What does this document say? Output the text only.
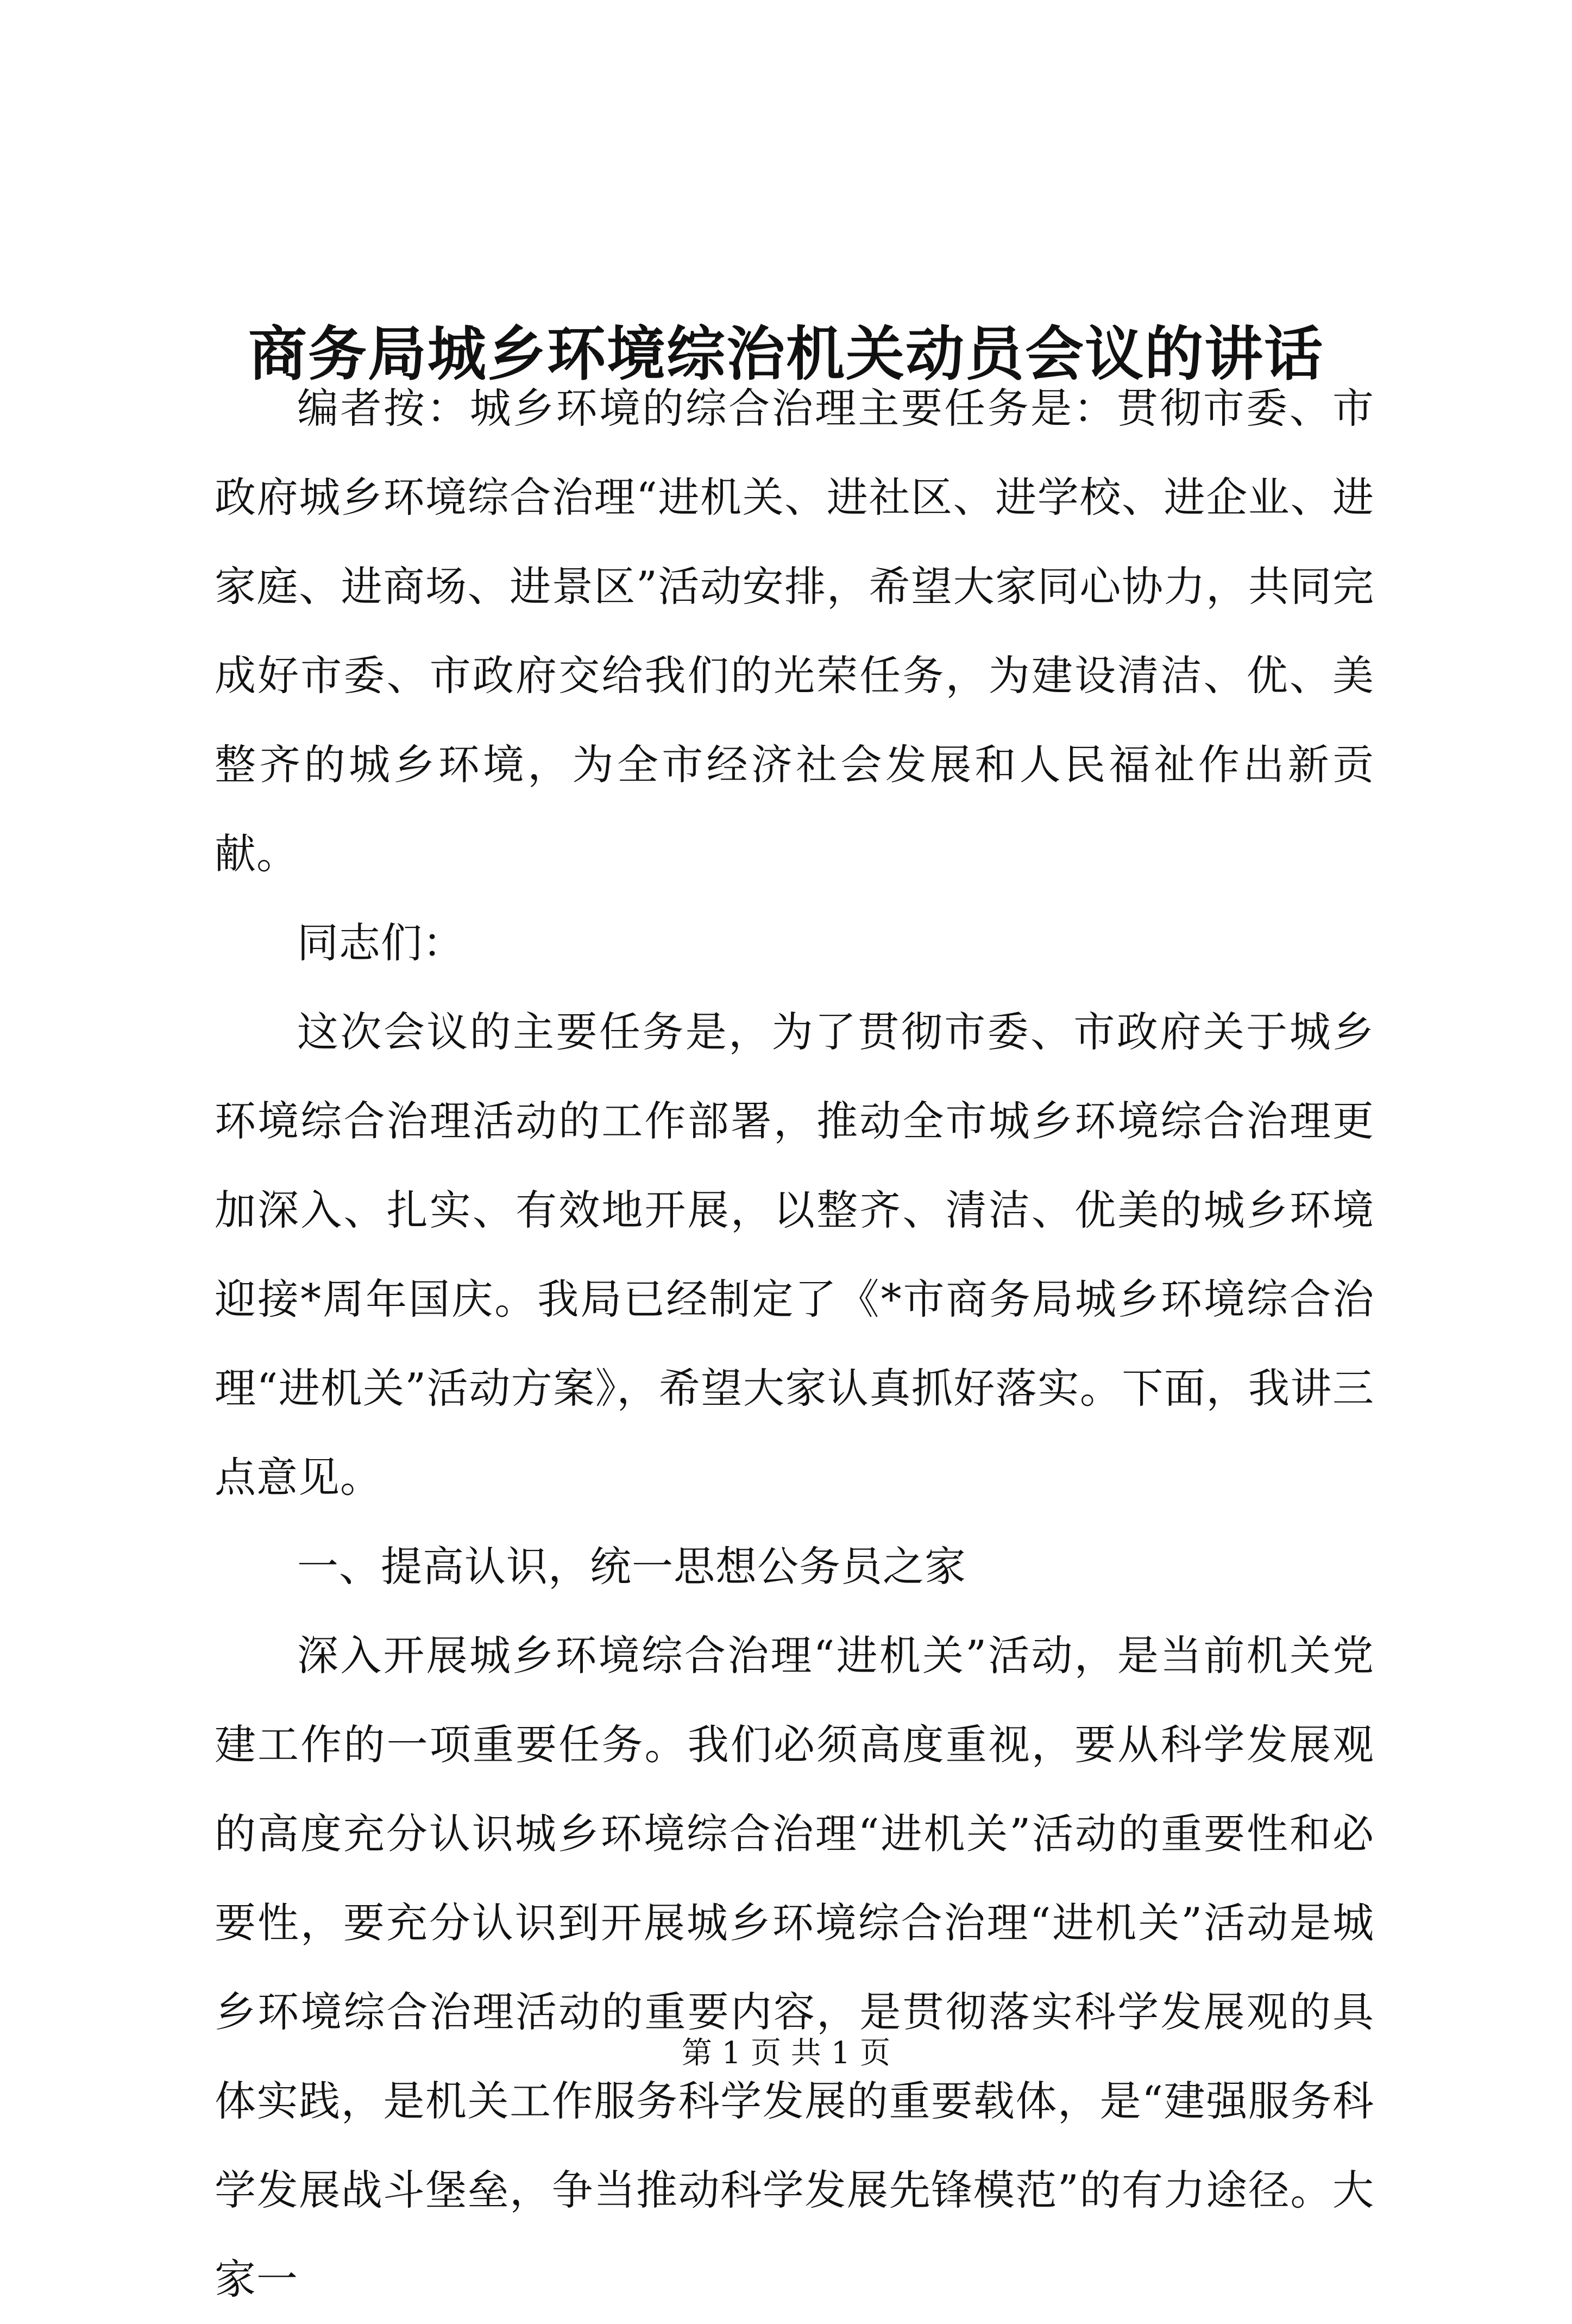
商务局城乡环境综治机关动员会议的讲话

编者按：城乡环境的综合治理主要任务是：贯彻市委、市政府城乡环境综合治理“进机关、进社区、进学校、进企业、进家庭、进商场、进景区”活动安排，希望大家同心协力，共同完成好市委、市政府交给我们的光荣任务，为建设清洁、优、美整齐的城乡环境，为全市经济社会发展和人民福祉作出新贡献。

同志们：

这次会议的主要任务是，为了贯彻市委、市政府关于城乡环境综合治理活动的工作部署，推动全市城乡环境综合治理更加深入、扎实、有效地开展，以整齐、清洁、优美的城乡环境迎接*周年国庆。我局已经制定了《*市商务局城乡环境综合治理“进机关”活动方案》，希望大家认真抓好落实。下面，我讲三点意见。

一、提高认识，统一思想公务员之家

深入开展城乡环境综合治理“进机关”活动，是当前机关党建工作的一项重要任务。我们必须高度重视，要从科学发展观的高度充分认识城乡环境综合治理“进机关”活动的重要性和必要性，要充分认识到开展城乡环境综合治理“进机关”活动是城乡环境综合治理活动的重要内容，是贯彻落实科学发展观的具体实践，是机关工作服务科学发展的重要载体，是“建强服务科学发展战斗堡垒，争当推动科学发展先锋模范”的有力途径。大家一

第 1 页 共 1 页
